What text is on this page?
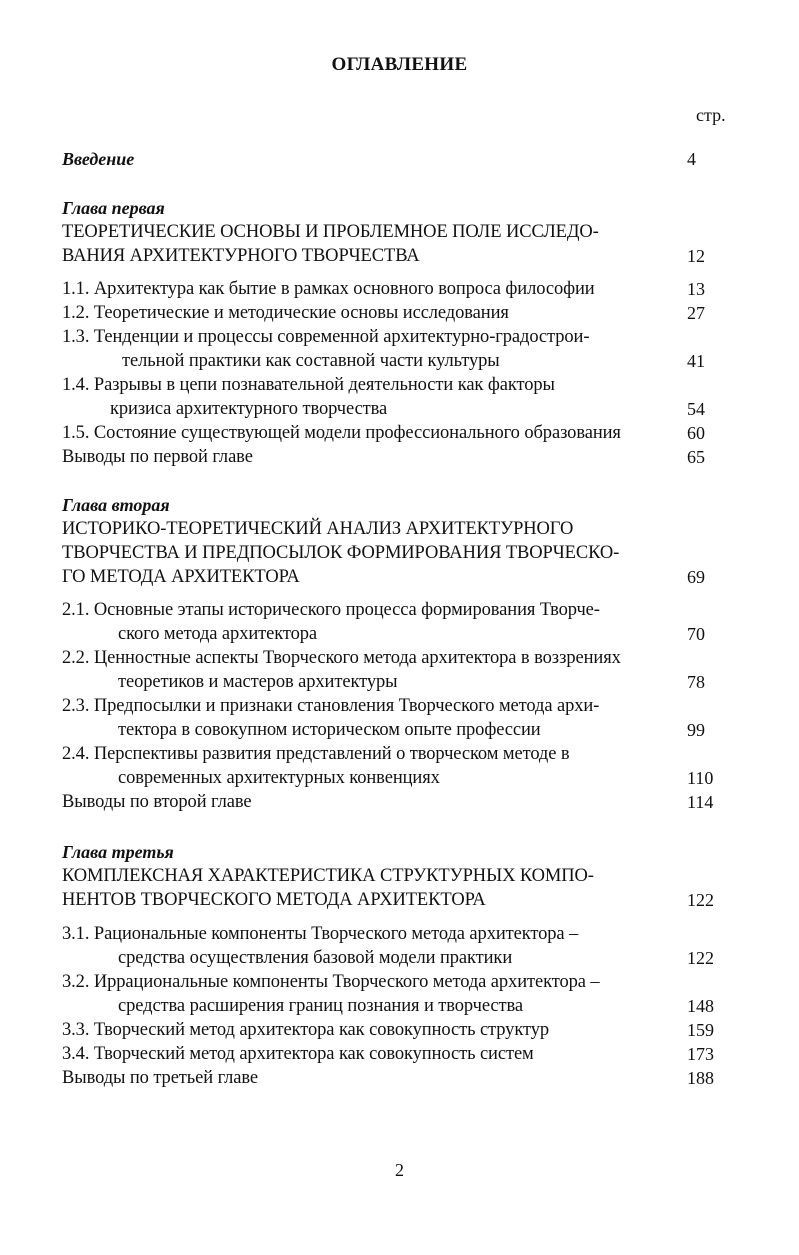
ОГЛАВЛЕНИЕ
стр.
Введение	4
Глава первая
ТЕОРЕТИЧЕСКИЕ ОСНОВЫ И ПРОБЛЕМНОЕ ПОЛЕ ИССЛЕДО-
ВАНИЯ АРХИТЕКТУРНОГО ТВОРЧЕСТВА	12
1.1. Архитектура как бытие в рамках основного вопроса философии	13
1.2. Теоретические и методические основы исследования	27
1.3. Тенденции и процессы современной архитектурно-градострои-
тельной практики как составной части культуры	41
1.4. Разрывы в цепи познавательной деятельности как факторы
кризиса архитектурного творчества	54
1.5. Состояние существующей модели профессионального образования	60
Выводы по первой главе	65
Глава вторая
ИСТОРИКО-ТЕОРЕТИЧЕСКИЙ АНАЛИЗ АРХИТЕКТУРНОГО
ТВОРЧЕСТВА И ПРЕДПОСЫЛОК ФОРМИРОВАНИЯ ТВОРЧЕСКО-
ГО МЕТОДА АРХИТЕКТОРА	69
2.1. Основные этапы исторического процесса формирования Творче-
ского метода архитектора	70
2.2. Ценностные аспекты Творческого метода архитектора в воззрениях
теоретиков и мастеров архитектуры	78
2.3. Предпосылки и признаки становления Творческого метода архи-
тектора в совокупном историческом опыте профессии	99
2.4. Перспективы развития представлений о творческом методе в
современных архитектурных конвенциях	110
Выводы по второй главе	114
Глава третья
КОМПЛЕКСНАЯ ХАРАКТЕРИСТИКА СТРУКТУРНЫХ КОМПО-
НЕНТОВ ТВОРЧЕСКОГО МЕТОДА АРХИТЕКТОРА	122
3.1. Рациональные компоненты Творческого метода архитектора –
средства осуществления базовой модели практики	122
3.2. Иррациональные компоненты Творческого метода архитектора –
средства расширения границ познания и творчества	148
3.3. Творческий метод архитектора как совокупность структур	159
3.4. Творческий метод архитектора как совокупность систем	173
Выводы по третьей главе	188
2
